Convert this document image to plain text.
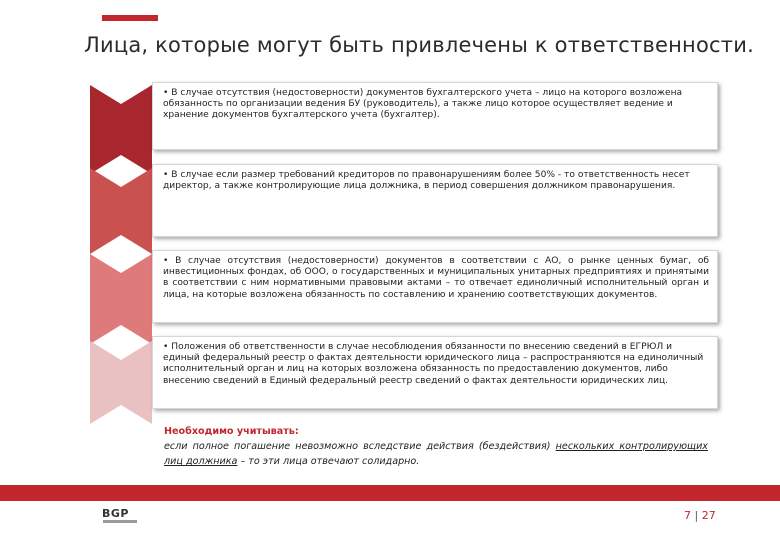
Лица, которые могут быть привлечены к ответственности.

• В случае отсутствия (недостоверности) документов бухгалтерского учета – лицо на которого возложена обязанность по организации ведения БУ (руководитель), а также лицо которое осуществляет ведение и хранение документов бухгалтерского учета (бухгалтер).

• В случае если размер требований кредиторов по правонарушениям более 50% - то ответственность несет директор, а также контролирующие лица должника, в период совершения должником правонарушения.

• В случае отсутствия (недостоверности) документов в соответствии с АО, о рынке ценных бумаг, об инвестиционных фондах, об ООО, о государственных и муниципальных унитарных предприятиях и принятыми в соответствии с ним нормативными правовыми актами – то отвечает единоличный исполнительный орган и лица, на которые возложена обязанность по составлению и хранению соответствующих документов.

• Положения об ответственности в случае несоблюдения обязанности по внесению сведений в ЕГРЮЛ и единый федеральный реестр о фактах деятельности юридического лица – распространяются на единоличный исполнительный орган и лиц на которых возложена обязанность по предоставлению документов, либо внесению сведений в Единый федеральный реестр сведений о фактах деятельности юридических лиц.

Необходимо учитывать:

если полное погашение невозможно вследствие действия (бездействия) нескольких контролирующих лиц должника – то эти лица отвечают солидарно.

BGP	7 | 27
